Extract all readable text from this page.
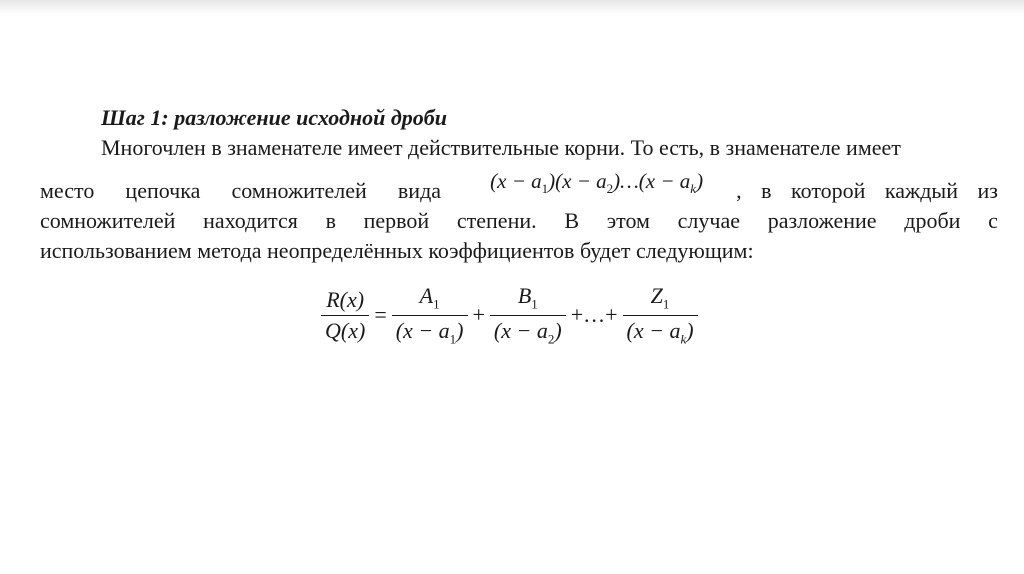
Шаг 1: разложение исходной дроби
Многочлен в знаменателе имеет действительные корни. То есть, в знаменателе имеет
место цепочка сомножителей вида $(x - a_1)(x$ − $a_2)\dots(x - a_k)$ , в которой каждый из
сомножителей находится в первой степени. В этом случае разложение дроби с
использованием метода неопределённых коэффициентов будет следующим:
$\frac{R(x)}{Q(x)} = \frac{A_1}{(x - a_1)} + \frac{B_1}{(x - a_2)}$ +…+ $\frac{Z_1}{(x - a_k)}$
